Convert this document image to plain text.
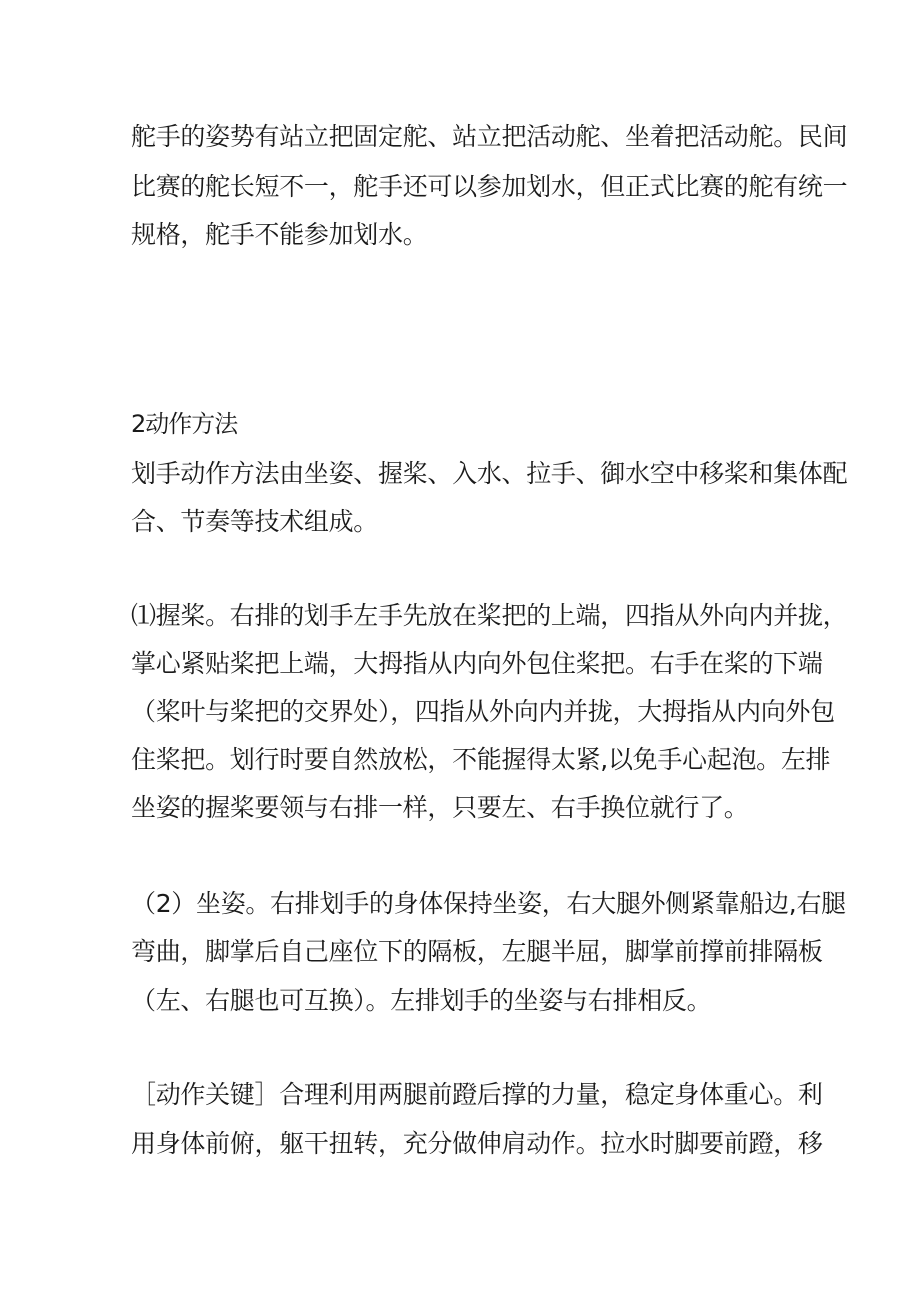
舵手的姿势有站立把固定舵、站立把活动舵、坐着把活动舵。民间
比赛的舵长短不一，舵手还可以参加划水，但正式比赛的舵有统一
规格，舵手不能参加划水。
2动作方法
划手动作方法由坐姿、握桨、入水、拉手、御水空中移桨和集体配
合、节奏等技术组成。
⑴握桨。右排的划手左手先放在桨把的上端，四指从外向内并拢，
掌心紧贴桨把上端，大拇指从内向外包住桨把。右手在桨的下端
（桨叶与桨把的交界处），四指从外向内并拢，大拇指从内向外包
住桨把。划行时要自然放松，不能握得太紧,以免手心起泡。左排
坐姿的握桨要领与右排一样，只要左、右手换位就行了。
（2）坐姿。右排划手的身体保持坐姿，右大腿外侧紧靠船边,右腿
弯曲，脚掌后自己座位下的隔板，左腿半屈，脚掌前撑前排隔板
（左、右腿也可互换）。左排划手的坐姿与右排相反。
［动作关键］合理利用两腿前蹬后撑的力量，稳定身体重心。利
用身体前俯，躯干扭转，充分做伸肩动作。拉水时脚要前蹬，移
